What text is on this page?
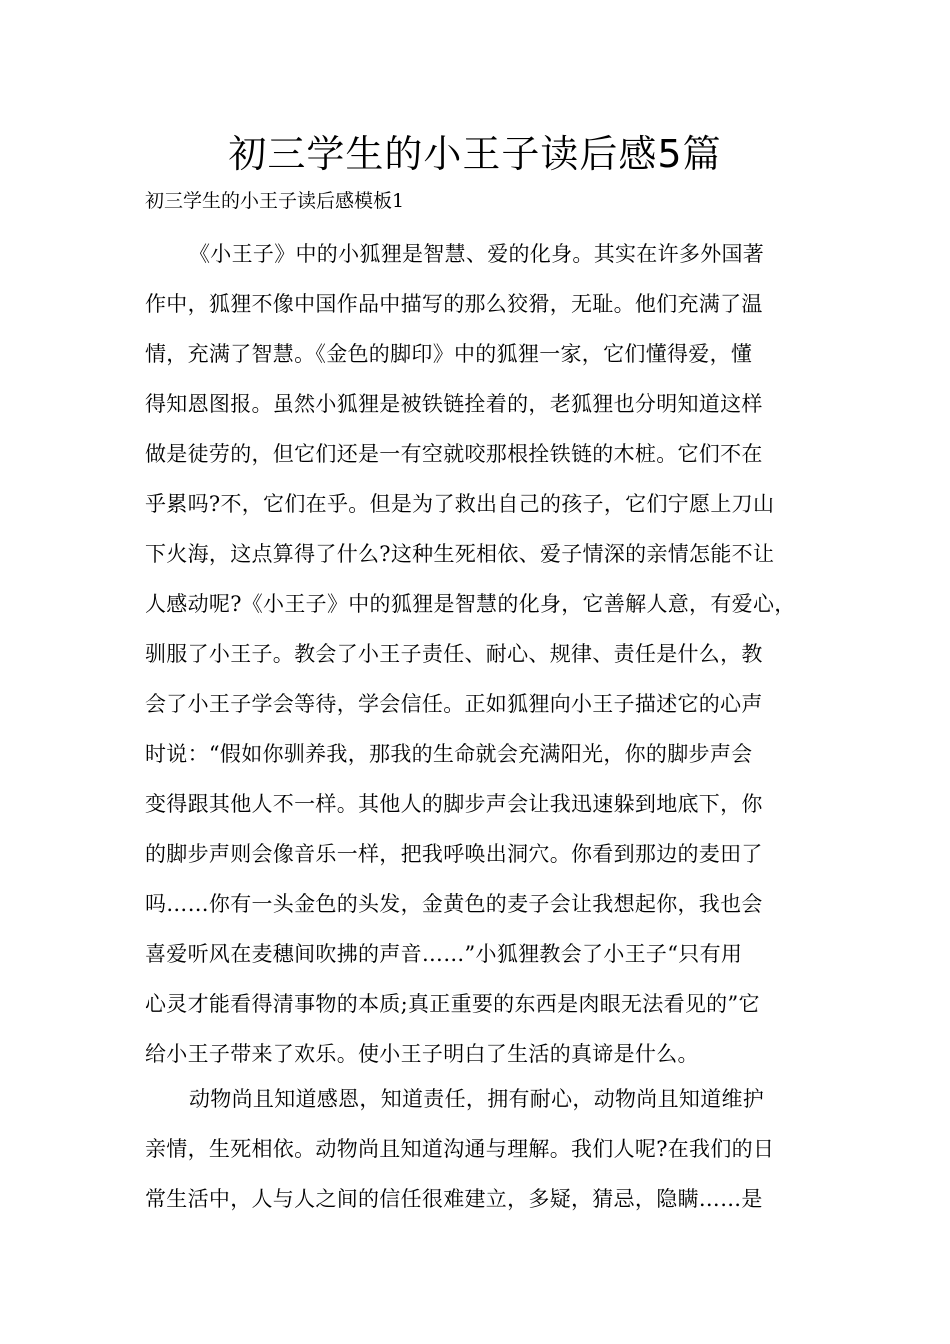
初三学生的小王子读后感5篇

初三学生的小王子读后感模板1

《小王子》中的小狐狸是智慧、爱的化身。其实在许多外国著
作中，狐狸不像中国作品中描写的那么狡猾，无耻。他们充满了温
情，充满了智慧。《金色的脚印》中的狐狸一家，它们懂得爱，懂
得知恩图报。虽然小狐狸是被铁链拴着的，老狐狸也分明知道这样
做是徒劳的，但它们还是一有空就咬那根拴铁链的木桩。它们不在
乎累吗?不，它们在乎。但是为了救出自己的孩子，它们宁愿上刀山
下火海，这点算得了什么?这种生死相依、爱子情深的亲情怎能不让
人感动呢?《小王子》中的狐狸是智慧的化身，它善解人意，有爱心，
驯服了小王子。教会了小王子责任、耐心、规律、责任是什么，教
会了小王子学会等待，学会信任。正如狐狸向小王子描述它的心声
时说：“假如你驯养我，那我的生命就会充满阳光，你的脚步声会
变得跟其他人不一样。其他人的脚步声会让我迅速躲到地底下，你
的脚步声则会像音乐一样，把我呼唤出洞穴。你看到那边的麦田了
吗……你有一头金色的头发，金黄色的麦子会让我想起你，我也会
喜爱听风在麦穗间吹拂的声音……”小狐狸教会了小王子“只有用
心灵才能看得清事物的本质;真正重要的东西是肉眼无法看见的”它
给小王子带来了欢乐。使小王子明白了生活的真谛是什么。
动物尚且知道感恩，知道责任，拥有耐心，动物尚且知道维护
亲情，生死相依。动物尚且知道沟通与理解。我们人呢?在我们的日
常生活中，人与人之间的信任很难建立，多疑，猜忌，隐瞒……是
